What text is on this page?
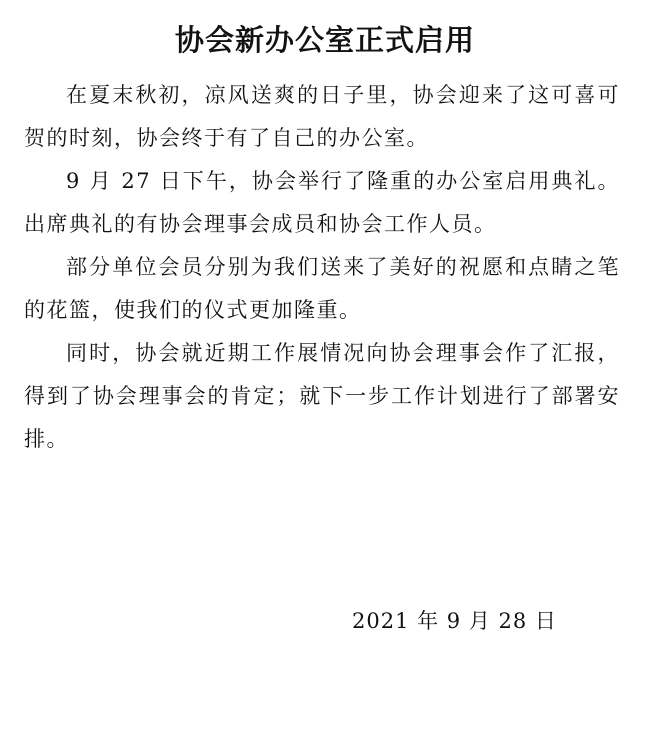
协会新办公室正式启用

在夏末秋初，凉风送爽的日子里，协会迎来了这可喜可贺的时刻，协会终于有了自己的办公室。

9 月 27 日下午，协会举行了隆重的办公室启用典礼。出席典礼的有协会理事会成员和协会工作人员。

部分单位会员分别为我们送来了美好的祝愿和点睛之笔的花篮，使我们的仪式更加隆重。

同时，协会就近期工作展情况向协会理事会作了汇报，得到了协会理事会的肯定；就下一步工作计划进行了部署安排。

2021 年 9 月 28 日
